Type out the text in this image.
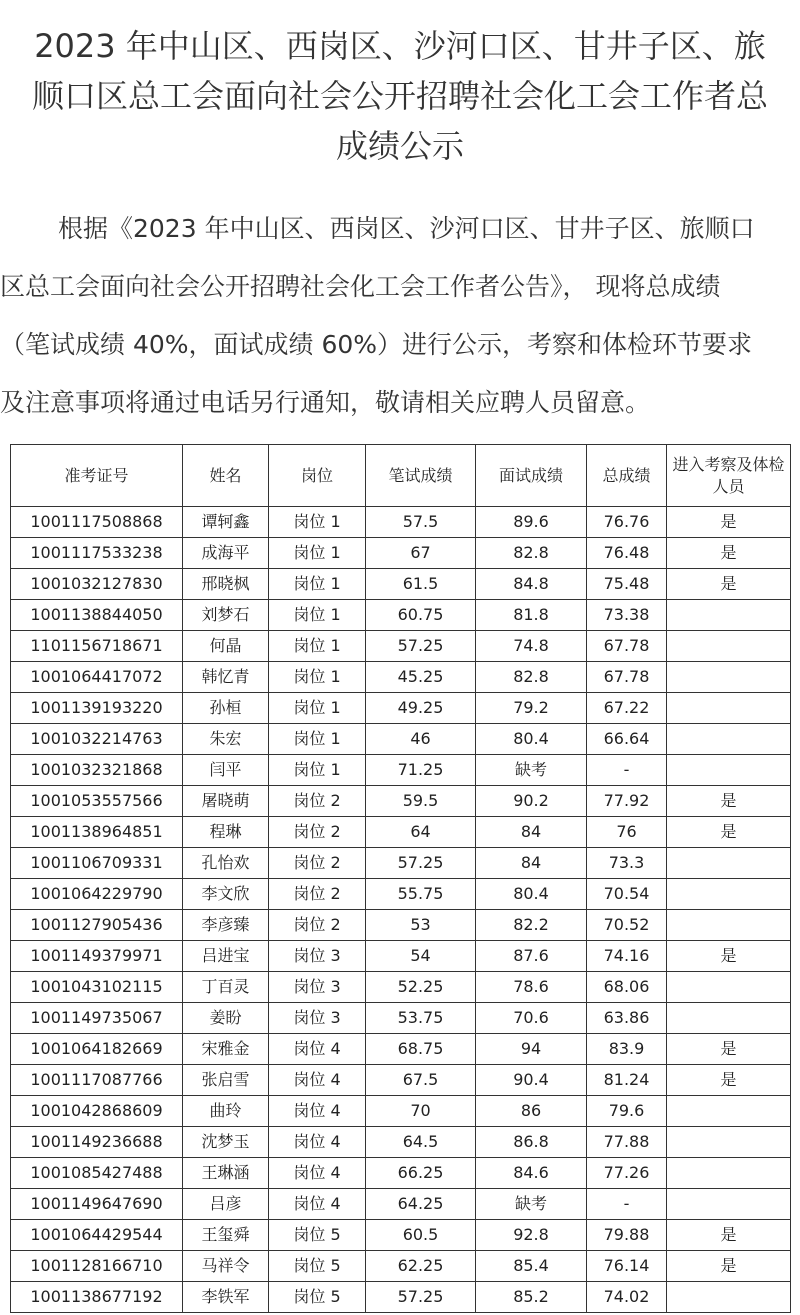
2023 年中山区、西岗区、沙河口区、甘井子区、旅
顺口区总工会面向社会公开招聘社会化工会工作者总
成绩公示
根据《2023 年中山区、西岗区、沙河口区、甘井子区、旅顺口
区总工会面向社会公开招聘社会化工会工作者公告》， 现将总成绩
（笔试成绩 40%，面试成绩 60%）进行公示，考察和体检环节要求
及注意事项将通过电话另行通知，敬请相关应聘人员留意。
准考证号	姓名	岗位	笔试成绩	面试成绩	总成绩	进入考察及体检人员
1001117508868	谭轲鑫	岗位 1	57.5	89.6	76.76	是
1001117533238	成海平	岗位 1	67	82.8	76.48	是
1001032127830	邢晓枫	岗位 1	61.5	84.8	75.48	是
1001138844050	刘梦石	岗位 1	60.75	81.8	73.38	
1101156718671	何晶	岗位 1	57.25	74.8	67.78	
1001064417072	韩忆青	岗位 1	45.25	82.8	67.78	
1001139193220	孙桓	岗位 1	49.25	79.2	67.22	
1001032214763	朱宏	岗位 1	46	80.4	66.64	
1001032321868	闫平	岗位 1	71.25	缺考	-	
1001053557566	屠晓萌	岗位 2	59.5	90.2	77.92	是
1001138964851	程琳	岗位 2	64	84	76	是
1001106709331	孔怡欢	岗位 2	57.25	84	73.3	
1001064229790	李文欣	岗位 2	55.75	80.4	70.54	
1001127905436	李彦臻	岗位 2	53	82.2	70.52	
1001149379971	吕进宝	岗位 3	54	87.6	74.16	是
1001043102115	丁百灵	岗位 3	52.25	78.6	68.06	
1001149735067	姜盼	岗位 3	53.75	70.6	63.86	
1001064182669	宋雅金	岗位 4	68.75	94	83.9	是
1001117087766	张启雪	岗位 4	67.5	90.4	81.24	是
1001042868609	曲玲	岗位 4	70	86	79.6	
1001149236688	沈梦玉	岗位 4	64.5	86.8	77.88	
1001085427488	王琳涵	岗位 4	66.25	84.6	77.26	
1001149647690	吕彦	岗位 4	64.25	缺考	-	
1001064429544	王玺舜	岗位 5	60.5	92.8	79.88	是
1001128166710	马祥令	岗位 5	62.25	85.4	76.14	是
1001138677192	李铁军	岗位 5	57.25	85.2	74.02	
